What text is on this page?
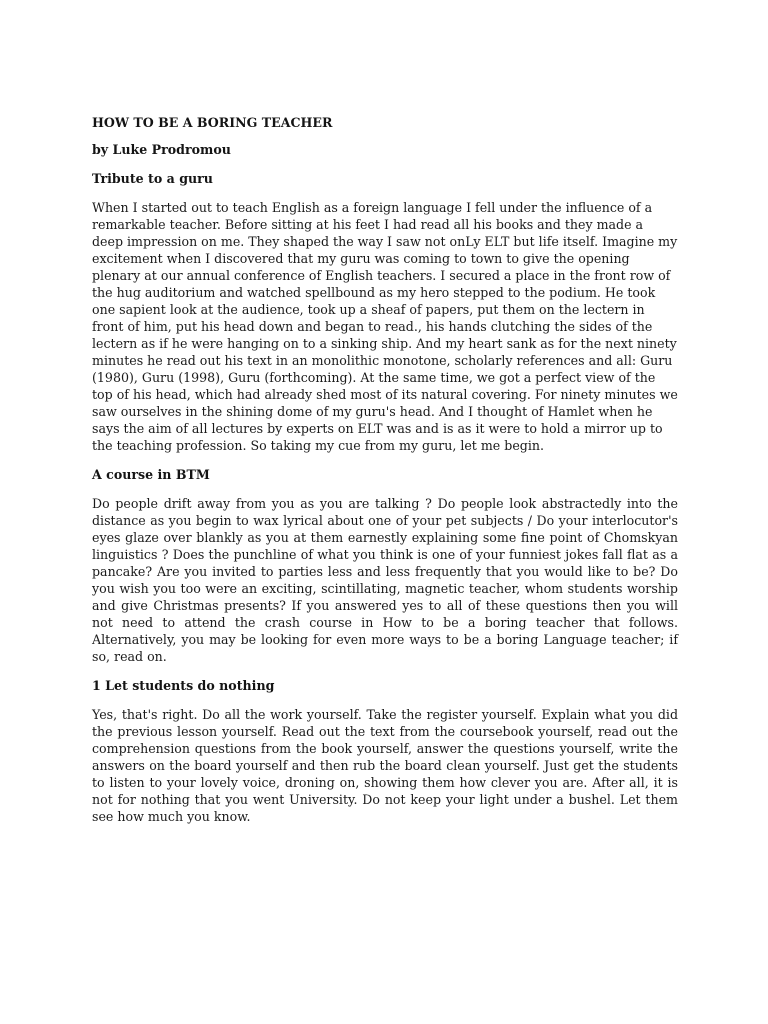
HOW TO BE A BORING TEACHER

by Luke Prodromou

Tribute to a guru

When I started out to teach English as a foreign language I fell under the influence of a remarkable teacher. Before sitting at his feet I had read all his books and they made a deep impression on me. They shaped the way I saw not onLy ELT but life itself. Imagine my excitement when I discovered that my guru was coming to town to give the opening plenary at our annual conference of English teachers. I secured a place in the front row of the hug auditorium and watched spellbound as my hero stepped to the podium. He took one sapient look at the audience, took up a sheaf of papers, put them on the lectern in front of him, put his head down and began to read., his hands clutching the sides of the lectern as if he were hanging on to a sinking ship. And my heart sank as for the next ninety minutes he read out his text in an monolithic monotone, scholarly references and all: Guru (1980), Guru (1998), Guru (forthcoming). At the same time, we got a perfect view of the top of his head, which had already shed most of its natural covering. For ninety minutes we saw ourselves in the shining dome of my guru's head. And I thought of Hamlet when he says the aim of all lectures by experts on ELT was and is as it were to hold a mirror up to the teaching profession. So taking my cue from my guru, let me begin.

A course in BTM

Do people drift away from you as you are talking ? Do people look abstractedly into the distance as you begin to wax lyrical about one of your pet subjects / Do your interlocutor's eyes glaze over blankly as you at them earnestly explaining some fine point of Chomskyan linguistics ? Does the punchline of what you think is one of your funniest jokes fall flat as a pancake? Are you invited to parties less and less frequently that you would like to be? Do you wish you too were an exciting, scintillating, magnetic teacher, whom students worship and give Christmas presents? If you answered yes to all of these questions then you will not need to attend the crash course in How to be a boring teacher that follows. Alternatively, you may be looking for even more ways to be a boring Language teacher; if so, read on.

1 Let students do nothing

Yes, that's right. Do all the work yourself. Take the register yourself. Explain what you did the previous lesson yourself. Read out the text from the coursebook yourself, read out the comprehension questions from the book yourself, answer the questions yourself, write the answers on the board yourself and then rub the board clean yourself. Just get the students to listen to your lovely voice, droning on, showing them how clever you are. After all, it is not for nothing that you went University. Do not keep your light under a bushel. Let them see how much you know.
